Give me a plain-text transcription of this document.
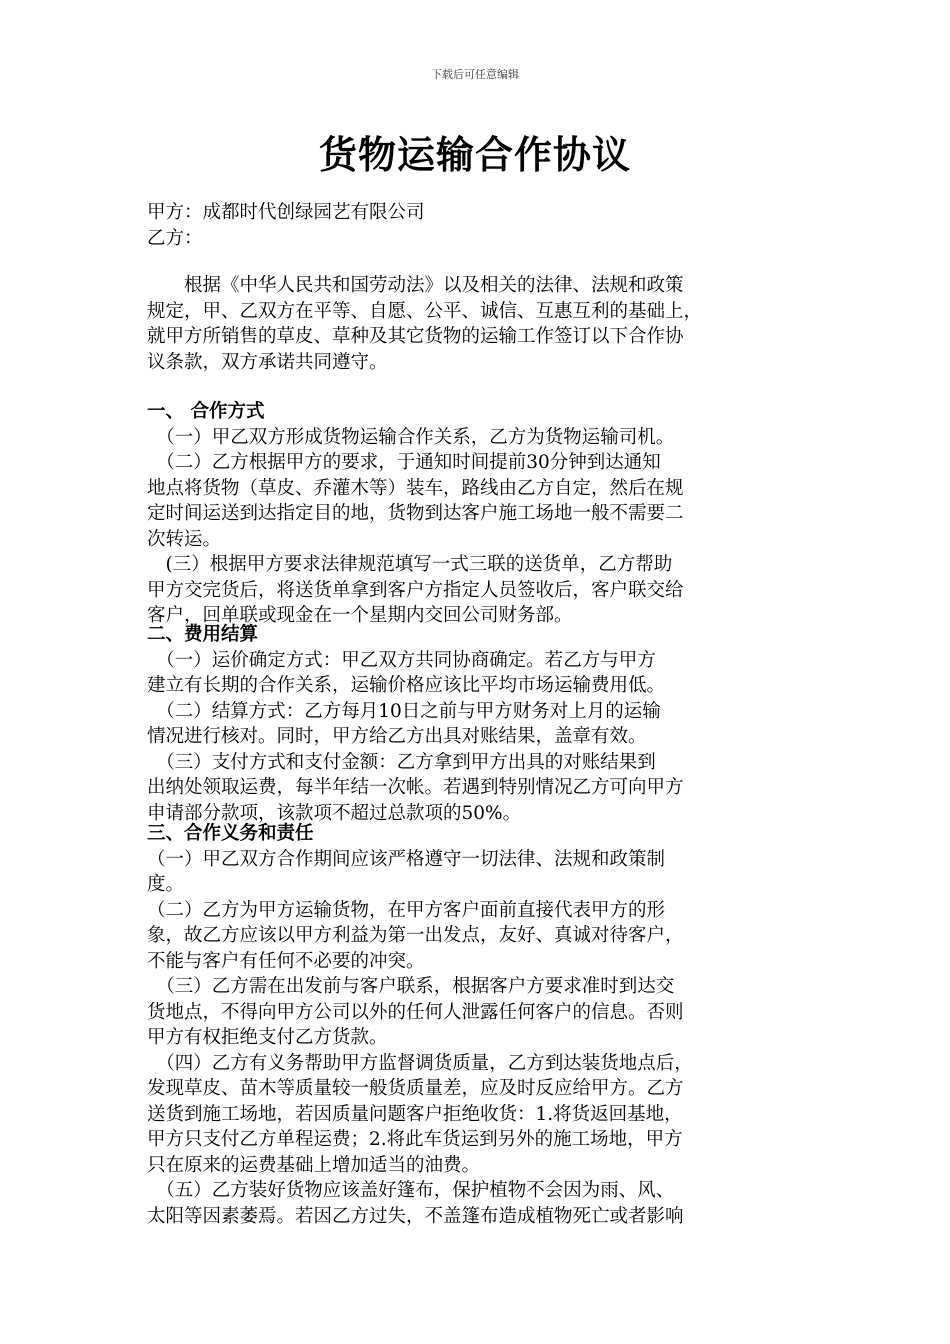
下载后可任意编辑
货物运输合作协议
甲方：成都时代创绿园艺有限公司
乙方：
　　根据《中华人民共和国劳动法》以及相关的法律、法规和政策
规定，甲、乙双方在平等、自愿、公平、诚信、互惠互利的基础上，
就甲方所销售的草皮、草种及其它货物的运输工作签订以下合作协
议条款，双方承诺共同遵守。
一、 合作方式
　（一）甲乙双方形成货物运输合作关系，乙方为货物运输司机。
　（二）乙方根据甲方的要求，于通知时间提前30分钟到达通知
地点将货物（草皮、乔灌木等）装车，路线由乙方自定，然后在规
定时间运送到达指定目的地，货物到达客户施工场地一般不需要二
次转运。
　(三）根据甲方要求法律规范填写一式三联的送货单，乙方帮助
甲方交完货后，将送货单拿到客户方指定人员签收后，客户联交给
客户，回单联或现金在一个星期内交回公司财务部。
二、费用结算
　（一）运价确定方式：甲乙双方共同协商确定。若乙方与甲方
建立有长期的合作关系，运输价格应该比平均市场运输费用低。
　（二）结算方式：乙方每月10日之前与甲方财务对上月的运输
情况进行核对。同时，甲方给乙方出具对账结果，盖章有效。
　（三）支付方式和支付金额：乙方拿到甲方出具的对账结果到
出纳处领取运费，每半年结一次帐。若遇到特别情况乙方可向甲方
申请部分款项，该款项不超过总款项的50%。
三、合作义务和责任
（一）甲乙双方合作期间应该严格遵守一切法律、法规和政策制
度。
（二）乙方为甲方运输货物，在甲方客户面前直接代表甲方的形
象，故乙方应该以甲方利益为第一出发点，友好、真诚对待客户，
不能与客户有任何不必要的冲突。
　（三）乙方需在出发前与客户联系，根据客户方要求准时到达交
货地点，不得向甲方公司以外的任何人泄露任何客户的信息。否则
甲方有权拒绝支付乙方货款。
　（四）乙方有义务帮助甲方监督调货质量，乙方到达装货地点后，
发现草皮、苗木等质量较一般货质量差，应及时反应给甲方。乙方
送货到施工场地，若因质量问题客户拒绝收货：1.将货返回基地，
甲方只支付乙方单程运费；2.将此车货运到另外的施工场地，甲方
只在原来的运费基础上增加适当的油费。
　（五）乙方装好货物应该盖好篷布，保护植物不会因为雨、风、
太阳等因素萎焉。若因乙方过失，不盖篷布造成植物死亡或者影响
